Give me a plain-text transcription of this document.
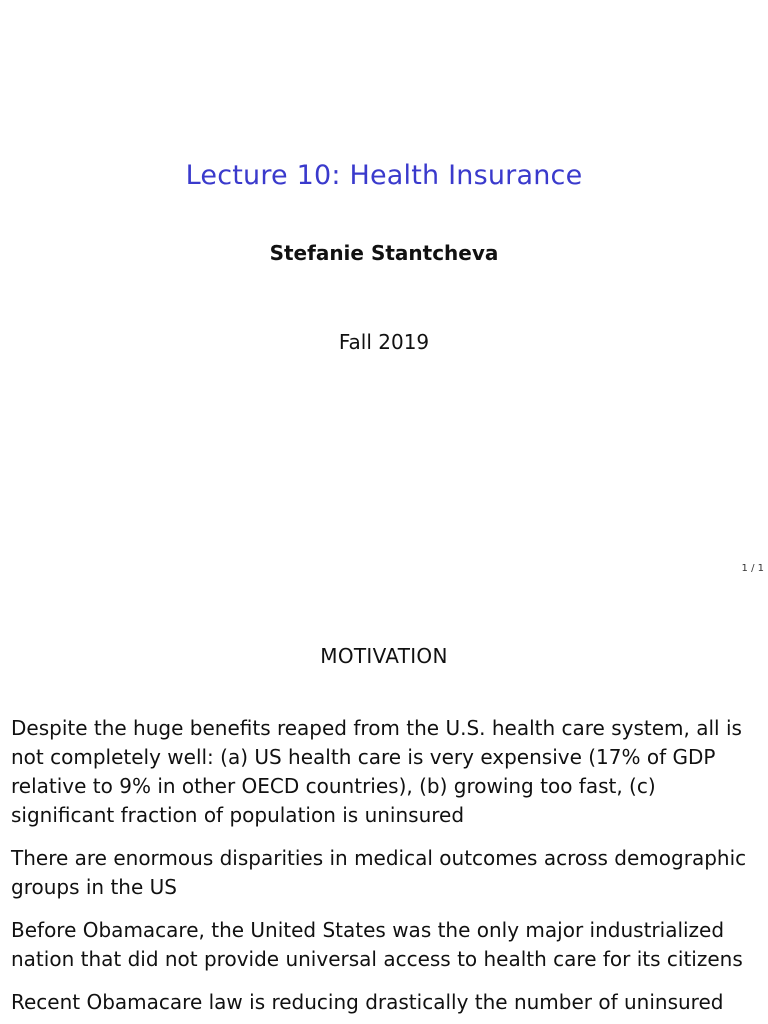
Lecture 10: Health Insurance
Stefanie Stantcheva
Fall 2019
1 / 1
MOTIVATION

Despite the huge benefits reaped from the U.S. health care system, all is not completely well: (a) US health care is very expensive (17% of GDP relative to 9% in other OECD countries), (b) growing too fast, (c) significant fraction of population is uninsured

There are enormous disparities in medical outcomes across demographic groups in the US

Before Obamacare, the United States was the only major industrialized nation that did not provide universal access to health care for its citizens

Recent Obamacare law is reducing drastically the number of uninsured
